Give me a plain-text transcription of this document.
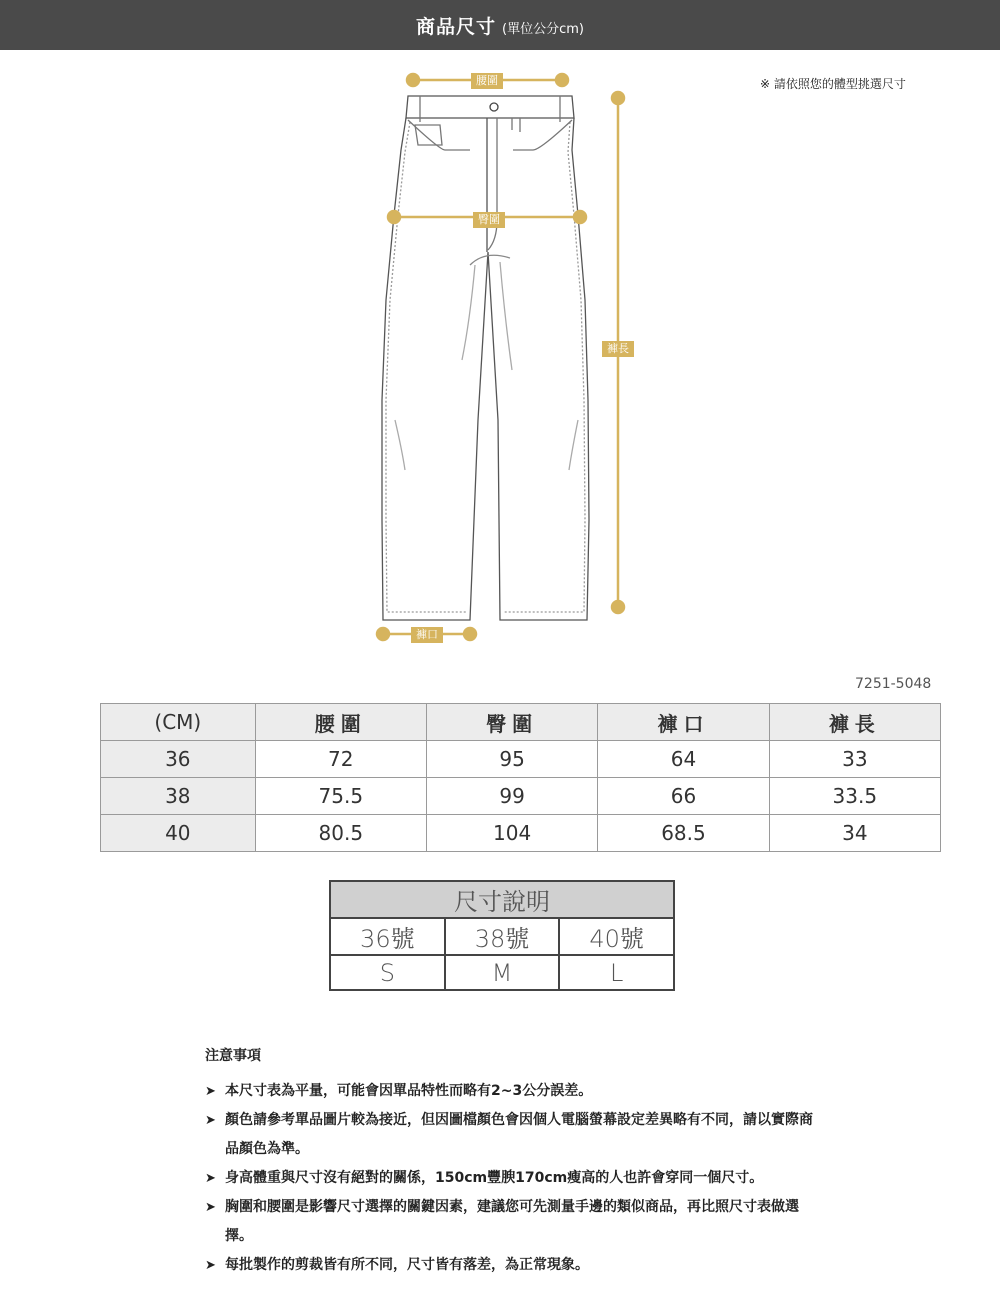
商品尺寸 (單位公分cm)
※ 請依照您的體型挑選尺寸
腰圍
臀圍
褲長
褲口
7251-5048
(CM)	腰圍	臀圍	褲口	褲長
36	72	95	64	33
38	75.5	99	66	33.5
40	80.5	104	68.5	34
尺寸說明		
36號	38號	40號
S	M	L
注意事項
➤ 本尺寸表為平量，可能會因單品特性而略有2~3公分誤差。
➤ 顏色請參考單品圖片較為接近，但因圖檔顏色會因個人電腦螢幕設定差異略有不同，請以實際商品顏色為準。
➤ 身高體重與尺寸沒有絕對的關係，150cm豐腴170cm瘦高的人也許會穿同一個尺寸。
➤ 胸圍和腰圍是影響尺寸選擇的關鍵因素，建議您可先測量手邊的類似商品，再比照尺寸表做選擇。
➤ 每批製作的剪裁皆有所不同，尺寸皆有落差，為正常現象。
